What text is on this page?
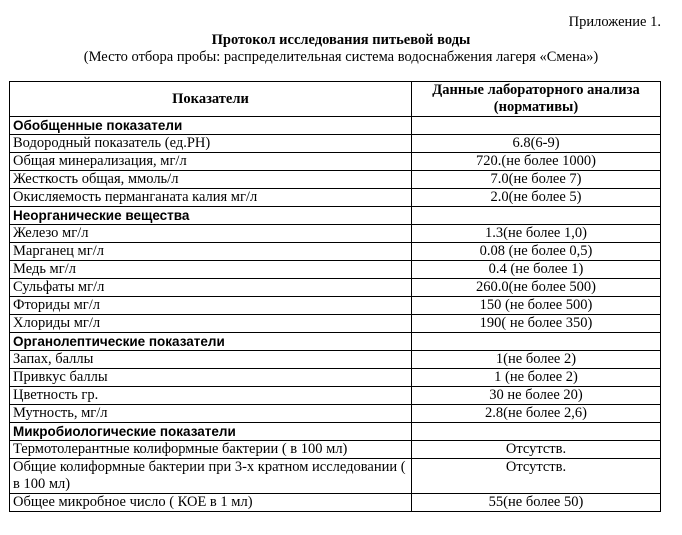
Приложение 1.
Протокол исследования питьевой воды
(Место отбора пробы: распределительная система водоснабжения лагеря «Смена»)
Показатели	Данные лабораторного анализа
(нормативы)
Обобщенные показатели	
Водородный показатель (ед.РН)	6.8(6-9)
Общая минерализация, мг/л	720.(не более 1000)
Жесткость общая, ммоль/л	7.0(не более 7)
Окисляемость перманганата калия мг/л	2.0(не более 5)
Неорганические вещества	
Железо мг/л	1.3(не более 1,0)
Марганец мг/л	0.08 (не более 0,5)
Медь мг/л	0.4 (не более 1)
Сульфаты мг/л	260.0(не более 500)
Фториды мг/л	150 (не более 500)
Хлориды мг/л	190( не более 350)
Органолептические показатели	
Запах, баллы	1(не более 2)
Привкус баллы	1 (не более 2)
Цветность гр.	30 не более 20)
Мутность, мг/л	2.8(не более 2,6)
Микробиологические показатели	
Термотолерантные колиформные бактерии ( в 100 мл)	Отсутств.
Общие колиформные бактерии при 3-х кратном исследовании ( в 100 мл)	Отсутств.
Общее микробное число ( КОЕ в 1 мл)	55(не более 50)
